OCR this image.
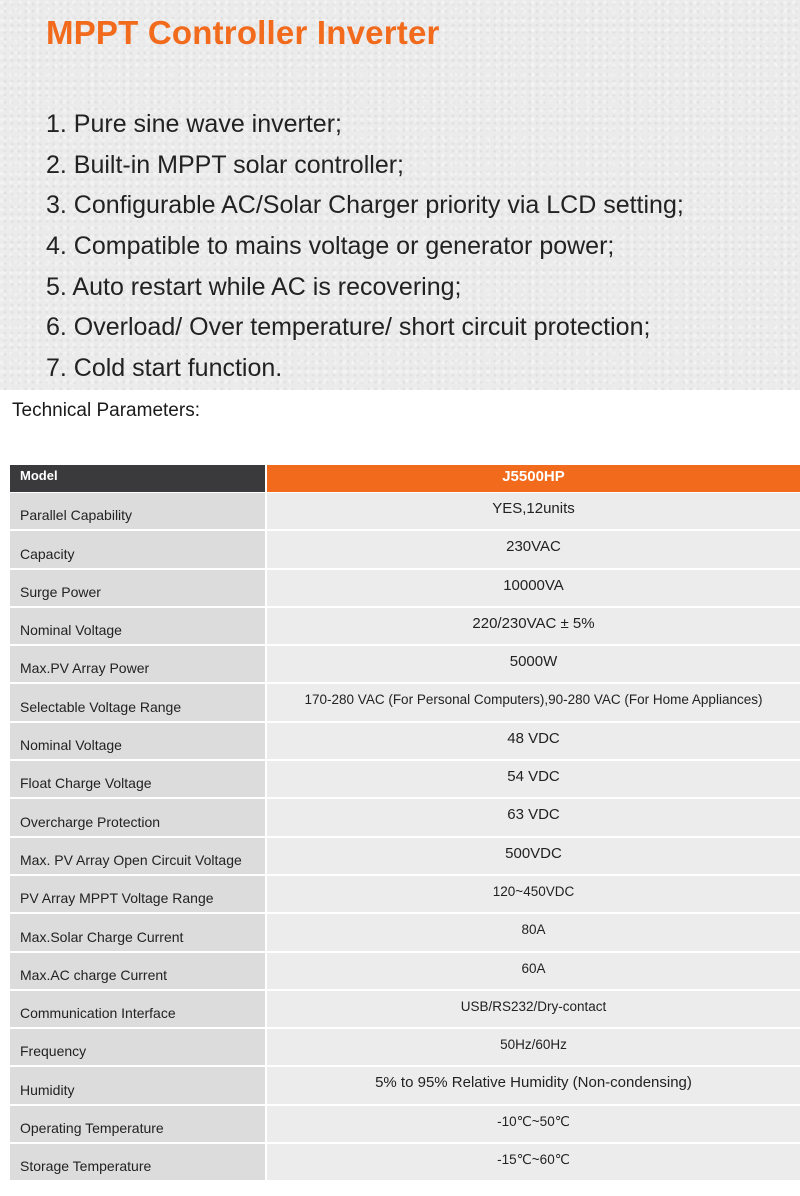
MPPT Controller Inverter
1. Pure sine wave inverter;
2. Built-in MPPT solar controller;
3. Configurable AC/Solar Charger priority via LCD setting;
4. Compatible to mains voltage or generator power;
5. Auto restart while AC is recovering;
6. Overload/ Over temperature/ short circuit protection;
7. Cold start function.
Technical Parameters:
Model	J5500HP
Parallel Capability	YES,12units
Capacity	230VAC
Surge Power	10000VA
Nominal Voltage	220/230VAC ± 5%
Max.PV Array Power	5000W
Selectable Voltage Range	170-280 VAC (For Personal Computers),90-280 VAC (For Home Appliances)
Nominal Voltage	48 VDC
Float Charge Voltage	54 VDC
Overcharge Protection	63 VDC
Max. PV Array Open Circuit Voltage	500VDC
PV Array MPPT Voltage Range	120~450VDC
Max.Solar Charge Current	80A
Max.AC charge Current	60A
Communication Interface	USB/RS232/Dry-contact
Frequency	50Hz/60Hz
Humidity	5% to 95% Relative Humidity (Non-condensing)
Operating Temperature	-10℃~50℃
Storage Temperature	-15℃~60℃
